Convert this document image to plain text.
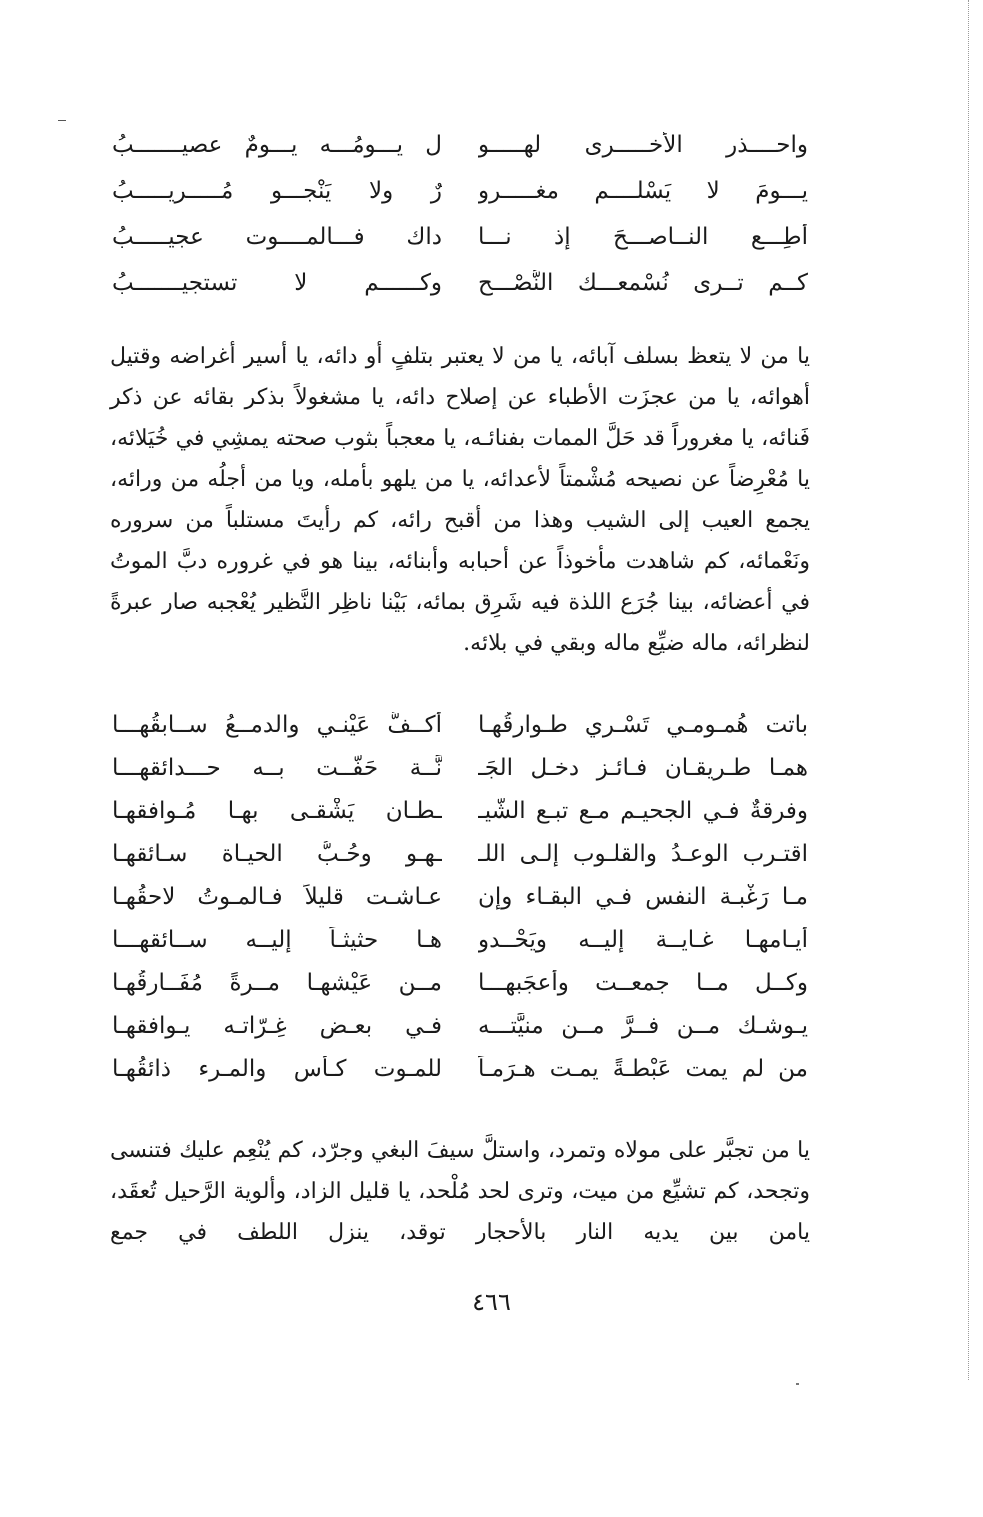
واحــــذر الأخـــــرى لهـــــو
ل يـــومُـــه يـــومٌ عصيـــــــبُ
يـــومَ لا يَسْلــــم مغـــــرو
رٌ ولا يَنْجـــو مُـــــريـــــبُ
أطِـــعِ النــاصـــحَ إذ نـــا
داك فـــالمــــوت عجيـــــبُ
كــم تــرى نُسْمعـــك النُّصْـــح
وكــــــم لا تستجيـــــــبُ

يا من لا يتعظ بسلف آبائه، يا من لا يعتبر بتلفٍ أو دائه، يا أسير أغراضه وقتيل أهوائه، يا من عجزَت الأطباء عن إصلاح دائه، يا مشغولاً بذكر بقائه عن ذكر فَنائه، يا مغروراً قد حَلَّ الممات بفنائـه، يا معجباً بثوب صحته يمشِي في خُيَلائه، يا مُعْرِضاً عن نصيحه مُشْمتاً لأعدائه، يا من يلهو بأمله، ويا من أجلُه من ورائه، يجمع العيب إلى الشيب وهذا من أقبح رائه، كم رأيتَ مستلباً من سروره ونَعْمائه، كم شاهدت مأخوذاً عن أحبابه وأبنائه، بينا هو في غروره دبَّ الموتُ في أعضائه، بينا جُرَع اللذة فيه شَرِق بمائه، بَيْنا ناظِر النَّظير يُعْجبه صار عبرةً لنظرائه، ماله ضيِّع ماله وبقي في بلائه.

باتت هُمـومـي تَسْـري طـوارقُهـا
أكــفُّ عَيْنـي والدمــعُ ســابقُهـــا
همـا طـريقـان فـائـز دخـل الجَـ
نَّــة حَفَّــت بــه حـــدائقهـــا
وفرقةٌ فـي الجحيـم مـع تبـع الشَّيـ
ـطـان يَشْقـى بهـا مُـوافقهـا
اقتـرب الوعـدُ والقلـوب إلـى اللـ
ـهـو وحُـبُّ الحيـاة سـائقهـا
مـا رَغْبـة النفس فـي البقـاء وإن
عـاشـت قليلاً فـالمـوتُ لاحقُهـا
أيـامهـا غـايــة إليــه ويَحْــدو
هـا حثيثـاً إليــه ســائقهـــا
وكــل مــا جمعــت وأعجَبهـــا
مــن عَيْشهـا مــرةً مُفَــارقُهـا
يـوشـك مــن فــرَّ مــن منيَّتـــه
فـي بعـض غِـرّاتـه يـوافقهـا
من لم يمت عَبْطـةً يمـت هـرَمـاً
للمـوت كـأس والمـرء ذائقُهـا

يا من تجبَّر على مولاه وتمرد، واستلَّ سيفَ البغي وجرّد، كم يُنْعِم عليك فتنسى وتجحد، كم تشيِّع من ميت، وترى لحد مُلْحد، يا قليل الزاد، وألوية الرَّحيل تُعقَد، يامن بين يديه النار بالأحجار توقد، ينزل اللطف في جمع

٤٦٦
